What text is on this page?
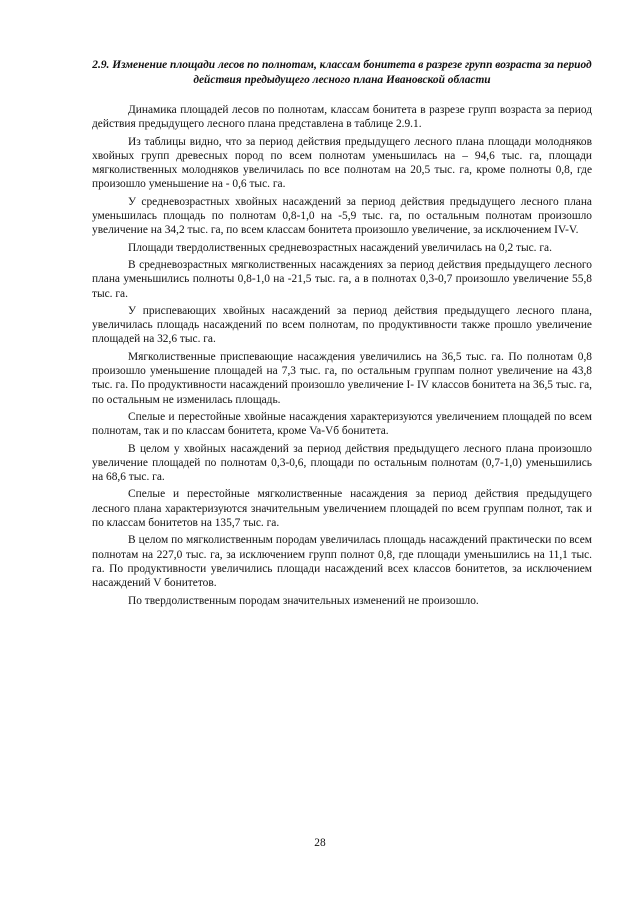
2.9. Изменение площади лесов по полнотам, классам бонитета в разрезе групп возраста за период действия предыдущего лесного плана Ивановской области

Динамика площадей лесов по полнотам, классам бонитета в разрезе групп возраста за период действия предыдущего лесного плана представлена в таблице 2.9.1.

Из таблицы видно, что за период действия предыдущего лесного плана площади молодняков хвойных групп древесных пород по всем полнотам уменьшилась на – 94,6 тыс. га, площади мягколиственных молодняков увеличилась по все полнотам на 20,5 тыс. га, кроме полноты 0,8, где произошло уменьшение на - 0,6 тыс. га.

У средневозрастных хвойных насаждений за период действия предыдущего лесного плана уменьшилась площадь по полнотам 0,8-1,0 на -5,9 тыс. га, по остальным полнотам произошло увеличение на 34,2 тыс. га, по всем классам бонитета произошло увеличение, за исключением IV-V.

Площади твердолиственных средневозрастных насаждений увеличилась на 0,2 тыс. га.

В средневозрастных мягколиственных насаждениях за период действия предыдущего лесного плана уменьшились полноты 0,8-1,0 на -21,5 тыс. га, а в полнотах 0,3-0,7 произошло увеличение 55,8 тыс. га.

У приспевающих хвойных насаждений за период действия предыдущего лесного плана, увеличилась площадь насаждений по всем полнотам, по продуктивности также прошло увеличение площадей на 32,6 тыс. га.

Мягколиственные приспевающие насаждения увеличились на 36,5 тыс. га. По полнотам 0,8 произошло уменьшение площадей на 7,3 тыс. га, по остальным группам полнот увеличение на 43,8 тыс. га. По продуктивности насаждений произошло увеличение I- IV классов бонитета на 36,5 тыс. га, по остальным не изменилась площадь.

Спелые и перестойные хвойные насаждения характеризуются увеличением площадей по всем полнотам, так и по классам бонитета, кроме Va-Vб бонитета.

В целом у хвойных насаждений за период действия предыдущего лесного плана произошло увеличение площадей по полнотам 0,3-0,6, площади по остальным полнотам (0,7-1,0) уменьшились на 68,6 тыс. га.

Спелые и перестойные мягколиственные насаждения за период действия предыдущего лесного плана характеризуются значительным увеличением площадей по всем группам полнот, так и по классам бонитетов на 135,7 тыс. га.

В целом по мягколиственным породам увеличилась площадь насаждений практически по всем полнотам на 227,0 тыс. га, за исключением групп полнот 0,8, где площади уменьшились на 11,1 тыс. га. По продуктивности увеличились площади насаждений всех классов бонитетов, за исключением насаждений V бонитетов.

По твердолиственным породам значительных изменений не произошло.

28
